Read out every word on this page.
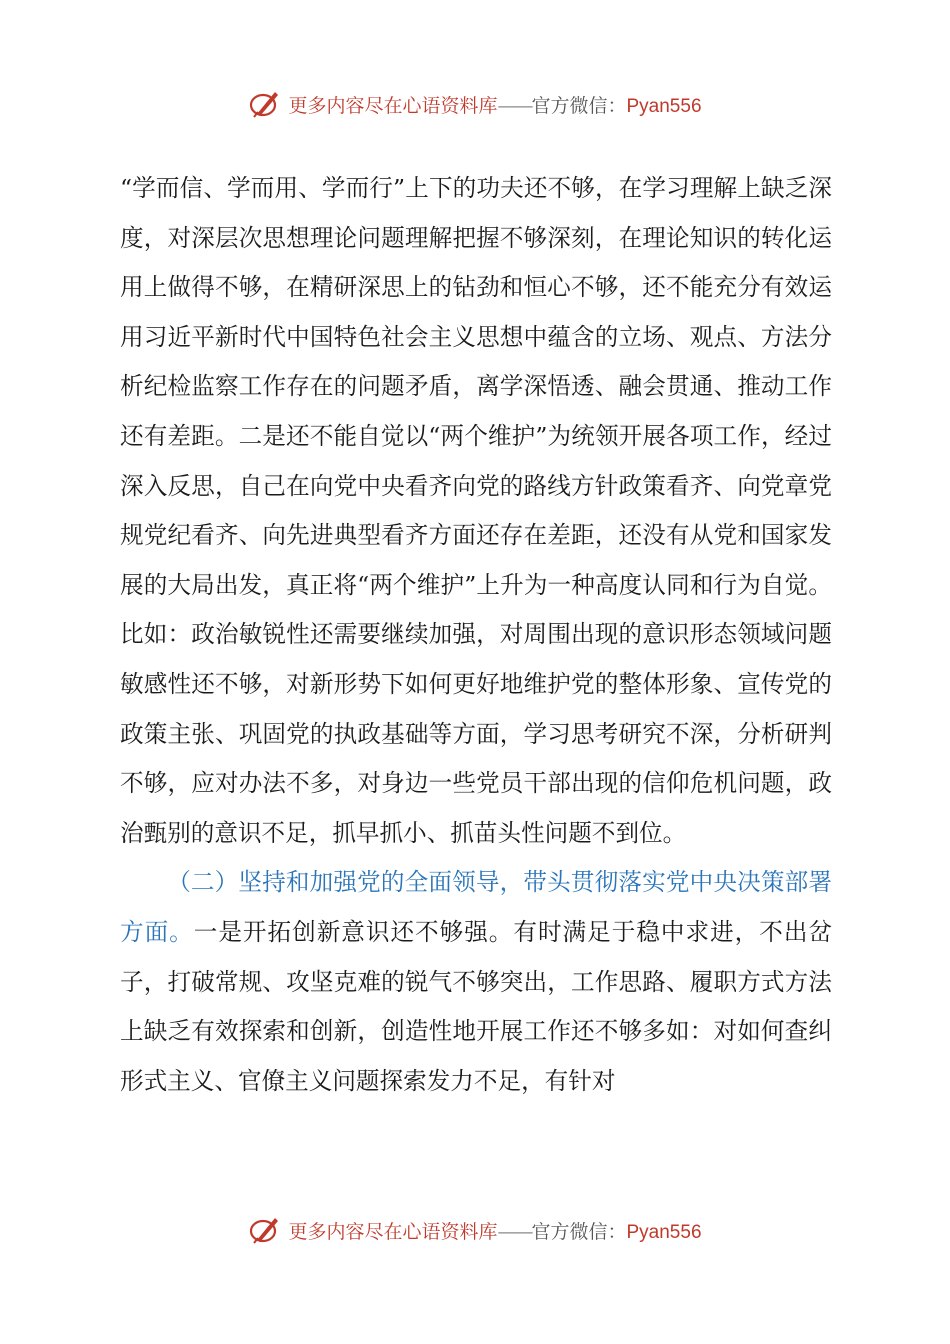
更多内容尽在心语资料库——官方微信：Pyan556

“学而信、学而用、学而行”上下的功夫还不够，在学习理解上缺乏深度，对深层次思想理论问题理解把握不够深刻，在理论知识的转化运用上做得不够，在精研深思上的钻劲和恒心不够，还不能充分有效运用习近平新时代中国特色社会主义思想中蕴含的立场、观点、方法分析纪检监察工作存在的问题矛盾，离学深悟透、融会贯通、推动工作还有差距。二是还不能自觉以“两个维护”为统领开展各项工作，经过深入反思，自己在向党中央看齐向党的路线方针政策看齐、向党章党规党纪看齐、向先进典型看齐方面还存在差距，还没有从党和国家发展的大局出发，真正将“两个维护”上升为一种高度认同和行为自觉。比如：政治敏锐性还需要继续加强，对周围出现的意识形态领域问题敏感性还不够，对新形势下如何更好地维护党的整体形象、宣传党的政策主张、巩固党的执政基础等方面，学习思考研究不深，分析研判不够，应对办法不多，对身边一些党员干部出现的信仰危机问题，政治甄别的意识不足，抓早抓小、抓苗头性问题不到位。

（二）坚持和加强党的全面领导，带头贯彻落实党中央决策部署方面。一是开拓创新意识还不够强。有时满足于稳中求进，不出岔子，打破常规、攻坚克难的锐气不够突出，工作思路、履职方式方法上缺乏有效探索和创新，创造性地开展工作还不够多如：对如何查纠形式主义、官僚主义问题探索发力不足，有针对

更多内容尽在心语资料库——官方微信：Pyan556
